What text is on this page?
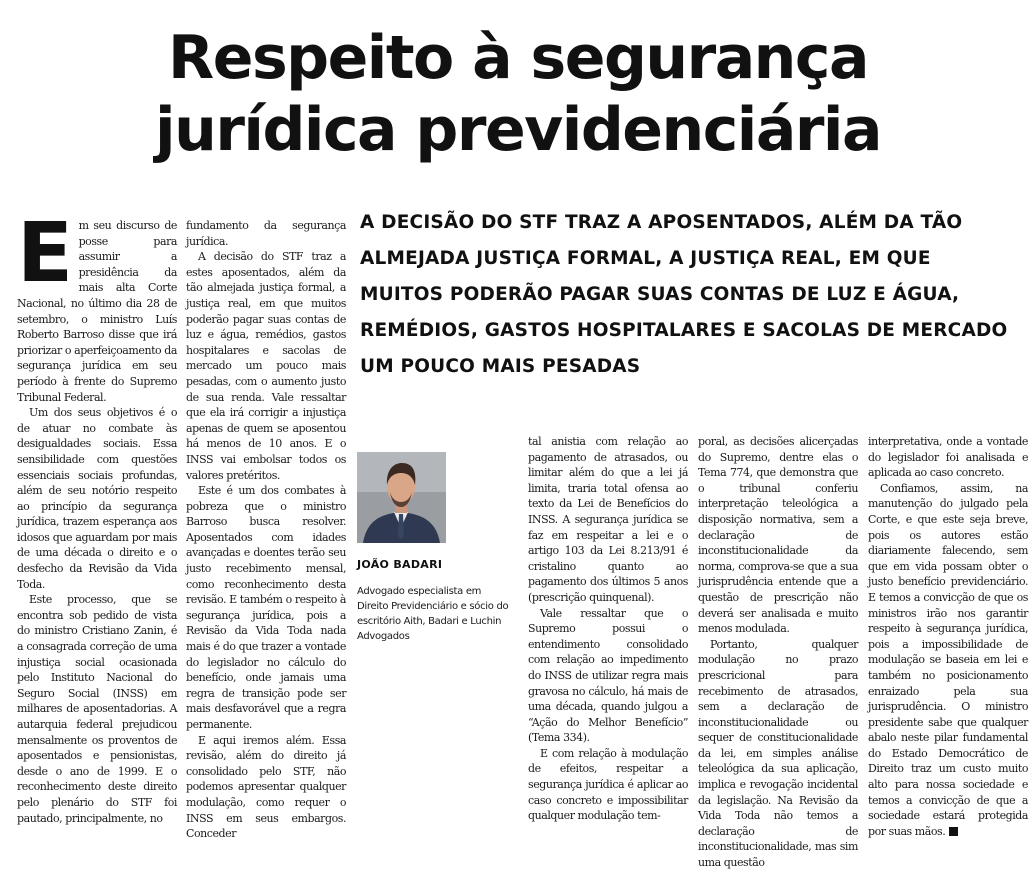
Respeito à segurança
jurídica previdenciária

Em seu discurso de posse para assumir a presidência da mais alta Corte Nacional, no último dia 28 de setembro, o ministro Luís Roberto Barroso disse que irá priorizar o aperfeiçoamento da segurança jurídica em seu período à frente do Supremo Tribunal Federal.

Um dos seus objetivos é o de atuar no combate às desigualdades sociais. Essa sensibilidade com questões essenciais sociais profundas, além de seu notório respeito ao princípio da segurança jurídica, trazem esperança aos idosos que aguardam por mais de uma década o direito e o desfecho da Revisão da Vida Toda.

Este processo, que se encontra sob pedido de vista do ministro Cristiano Zanin, é a consagrada correção de uma injustiça social ocasionada pelo Instituto Nacional do Seguro Social (INSS) em milhares de aposentadorias. A autarquia federal prejudicou mensalmente os proventos de aposentados e pensionistas, desde o ano de 1999. E o reconhecimento deste direito pelo plenário do STF foi pautado, principalmente, no

fundamento da segurança jurídica.

A decisão do STF traz a estes aposentados, além da tão almejada justiça formal, a justiça real, em que muitos poderão pagar suas contas de luz e água, remédios, gastos hospitalares e sacolas de mercado um pouco mais pesadas, com o aumento justo de sua renda. Vale ressaltar que ela irá corrigir a injustiça apenas de quem se aposentou há menos de 10 anos. E o INSS vai embolsar todos os valores pretéritos.

Este é um dos combates à pobreza que o ministro Barroso busca resolver. Aposentados com idades avançadas e doentes terão seu justo recebimento mensal, como reconhecimento desta revisão. E também o respeito à segurança jurídica, pois a Revisão da Vida Toda nada mais é do que trazer a vontade do legislador no cálculo do benefício, onde jamais uma regra de transição pode ser mais desfavorável que a regra permanente.

E aqui iremos além. Essa revisão, além do direito já consolidado pelo STF, não podemos apresentar qualquer modulação, como requer o INSS em seus embargos. Conceder

A DECISÃO DO STF TRAZ A APOSENTADOS, ALÉM DA TÃO ALMEJADA JUSTIÇA FORMAL, A JUSTIÇA REAL, EM QUE MUITOS PODERÃO PAGAR SUAS CONTAS DE LUZ E ÁGUA, REMÉDIOS, GASTOS HOSPITALARES E SACOLAS DE MERCADO UM POUCO MAIS PESADAS

JOÃO BADARI
Advogado especialista em Direito Previdenciário e sócio do escritório Aith, Badari e Luchin Advogados

tal anistia com relação ao pagamento de atrasados, ou limitar além do que a lei já limita, traria total ofensa ao texto da Lei de Benefícios do INSS. A segurança jurídica se faz em respeitar a lei e o artigo 103 da Lei 8.213/91 é cristalino quanto ao pagamento dos últimos 5 anos (prescrição quinquenal).

Vale ressaltar que o Supremo possui o entendimento consolidado com relação ao impedimento do INSS de utilizar regra mais gravosa no cálculo, há mais de uma década, quando julgou a “Ação do Melhor Benefício” (Tema 334).

E com relação à modulação de efeitos, respeitar a segurança jurídica é aplicar ao caso concreto e impossibilitar qualquer modulação tem-

poral, as decisões alicerçadas do Supremo, dentre elas o Tema 774, que demonstra que o tribunal conferiu interpretação teleológica a disposição normativa, sem a declaração de inconstitucionalidade da norma, comprova-se que a sua jurisprudência entende que a questão de prescrição não deverá ser analisada e muito menos modulada.

Portanto, qualquer modulação no prazo prescricional para recebimento de atrasados, sem a declaração de inconstitucionalidade ou sequer de constitucionalidade da lei, em simples análise teleológica da sua aplicação, implica e revogação incidental da legislação. Na Revisão da Vida Toda não temos a declaração de inconstitucionalidade, mas sim uma questão

interpretativa, onde a vontade do legislador foi analisada e aplicada ao caso concreto.

Confiamos, assim, na manutenção do julgado pela Corte, e que este seja breve, pois os autores estão diariamente falecendo, sem que em vida possam obter o justo benefício previdenciário. E temos a convicção de que os ministros irão nos garantir respeito à segurança jurídica, pois a impossibilidade de modulação se baseia em lei e também no posicionamento enraizado pela sua jurisprudência. O ministro presidente sabe que qualquer abalo neste pilar fundamental do Estado Democrático de Direito traz um custo muito alto para nossa sociedade e temos a convicção de que a sociedade estará protegida por suas mãos.
